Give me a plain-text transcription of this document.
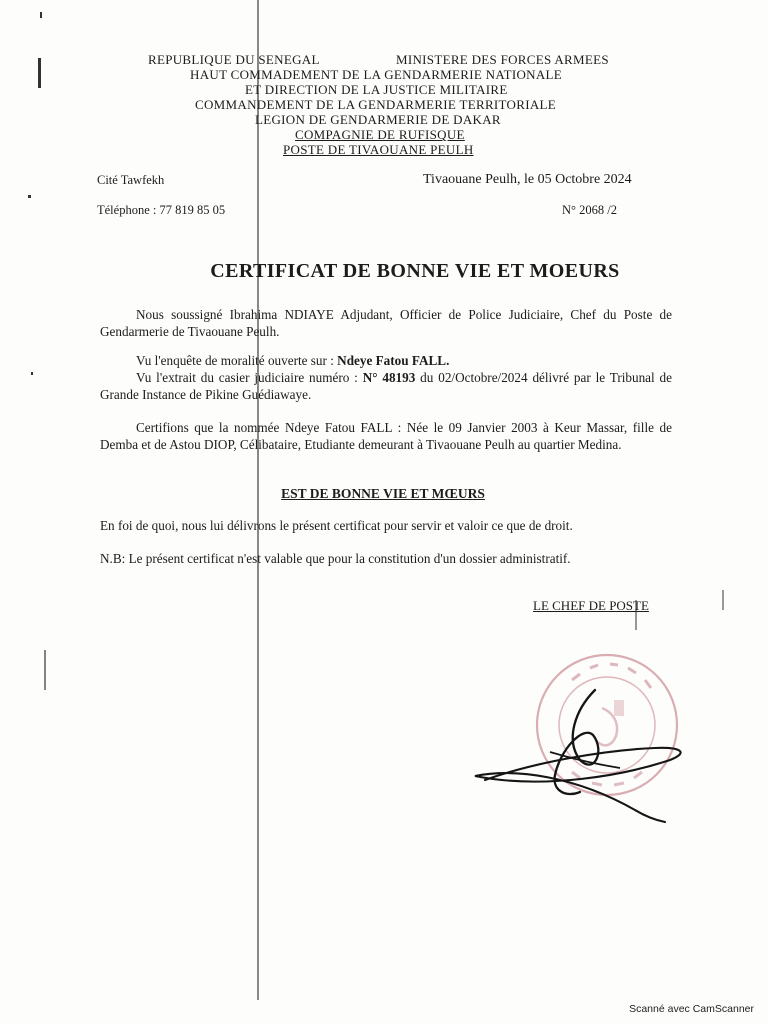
REPUBLIQUE DU SENEGAL	MINISTERE DES FORCES ARMEES
HAUT COMMADEMENT DE LA GENDARMERIE NATIONALE
ET DIRECTION DE LA JUSTICE MILITAIRE
COMMANDEMENT DE LA GENDARMERIE TERRITORIALE
LEGION DE GENDARMERIE DE DAKAR
COMPAGNIE DE RUFISQUE
POSTE DE TIVAOUANE PEULH
Cité Tawfekh	Tivaouane Peulh, le 05 Octobre 2024
Téléphone : 77 819 85 05	N° 2068 /2
CERTIFICAT DE BONNE VIE ET MOEURS
Nous soussigné Ibrahima NDIAYE Adjudant, Officier de Police Judiciaire, Chef du Poste de Gendarmerie de Tivaouane Peulh.
Vu l'enquête de moralité ouverte sur : Ndeye Fatou FALL.
Vu l'extrait du casier judiciaire numéro : N° 48193 du 02/Octobre/2024 délivré par le Tribunal de Grande Instance de Pikine Guédiawaye.
Certifions que la nommée Ndeye Fatou FALL : Née le 09 Janvier 2003 à Keur Massar, fille de Demba et de Astou DIOP, Célibataire, Etudiante demeurant à Tivaouane Peulh au quartier Medina.
EST DE BONNE VIE ET MŒURS
En foi de quoi, nous lui délivrons le présent certificat pour servir et valoir ce que de droit.
N.B: Le présent certificat n'est valable que pour la constitution d'un dossier administratif.
LE CHEF DE POSTE
Scanné avec CamScanner
